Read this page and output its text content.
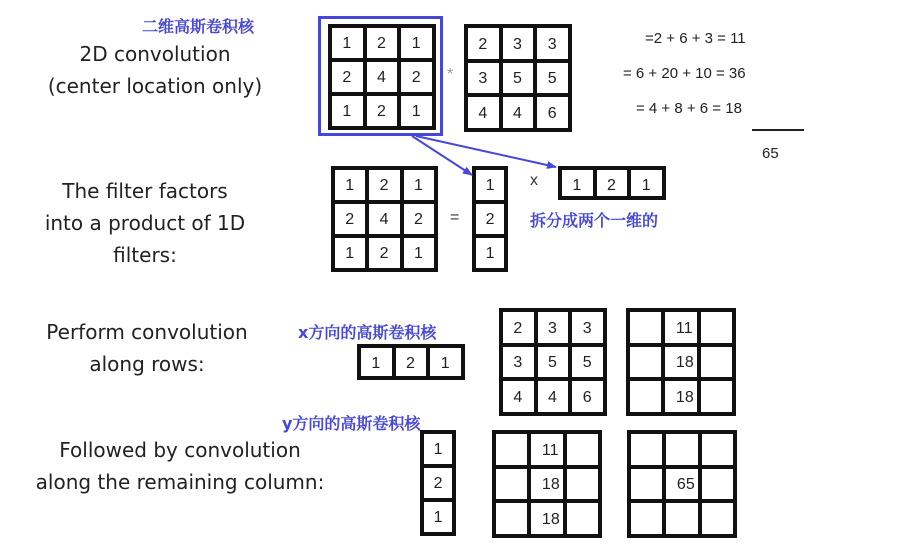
2D convolution
(center location only)
The filter factors
into a product of 1D
filters:
Perform convolution
along rows:
Followed by convolution
along the remaining column:
二维高斯卷积核
拆分成两个一维的
x方向的高斯卷积核
y方向的高斯卷积核
1 2 1
2 4 2
1 2 1
2 3 3
3 5 5
4 4 6
1 2 1
2 4 2
1 2 1
1
2
1
1 2 1
1 2 1
2 3 3
3 5 5
4 4 6
11
18
18
1
2
1
11
18
18
65
*
=
x
=2 + 6 + 3 = 11
= 6 + 20 + 10 = 36
= 4 + 8 + 6 = 18
65
